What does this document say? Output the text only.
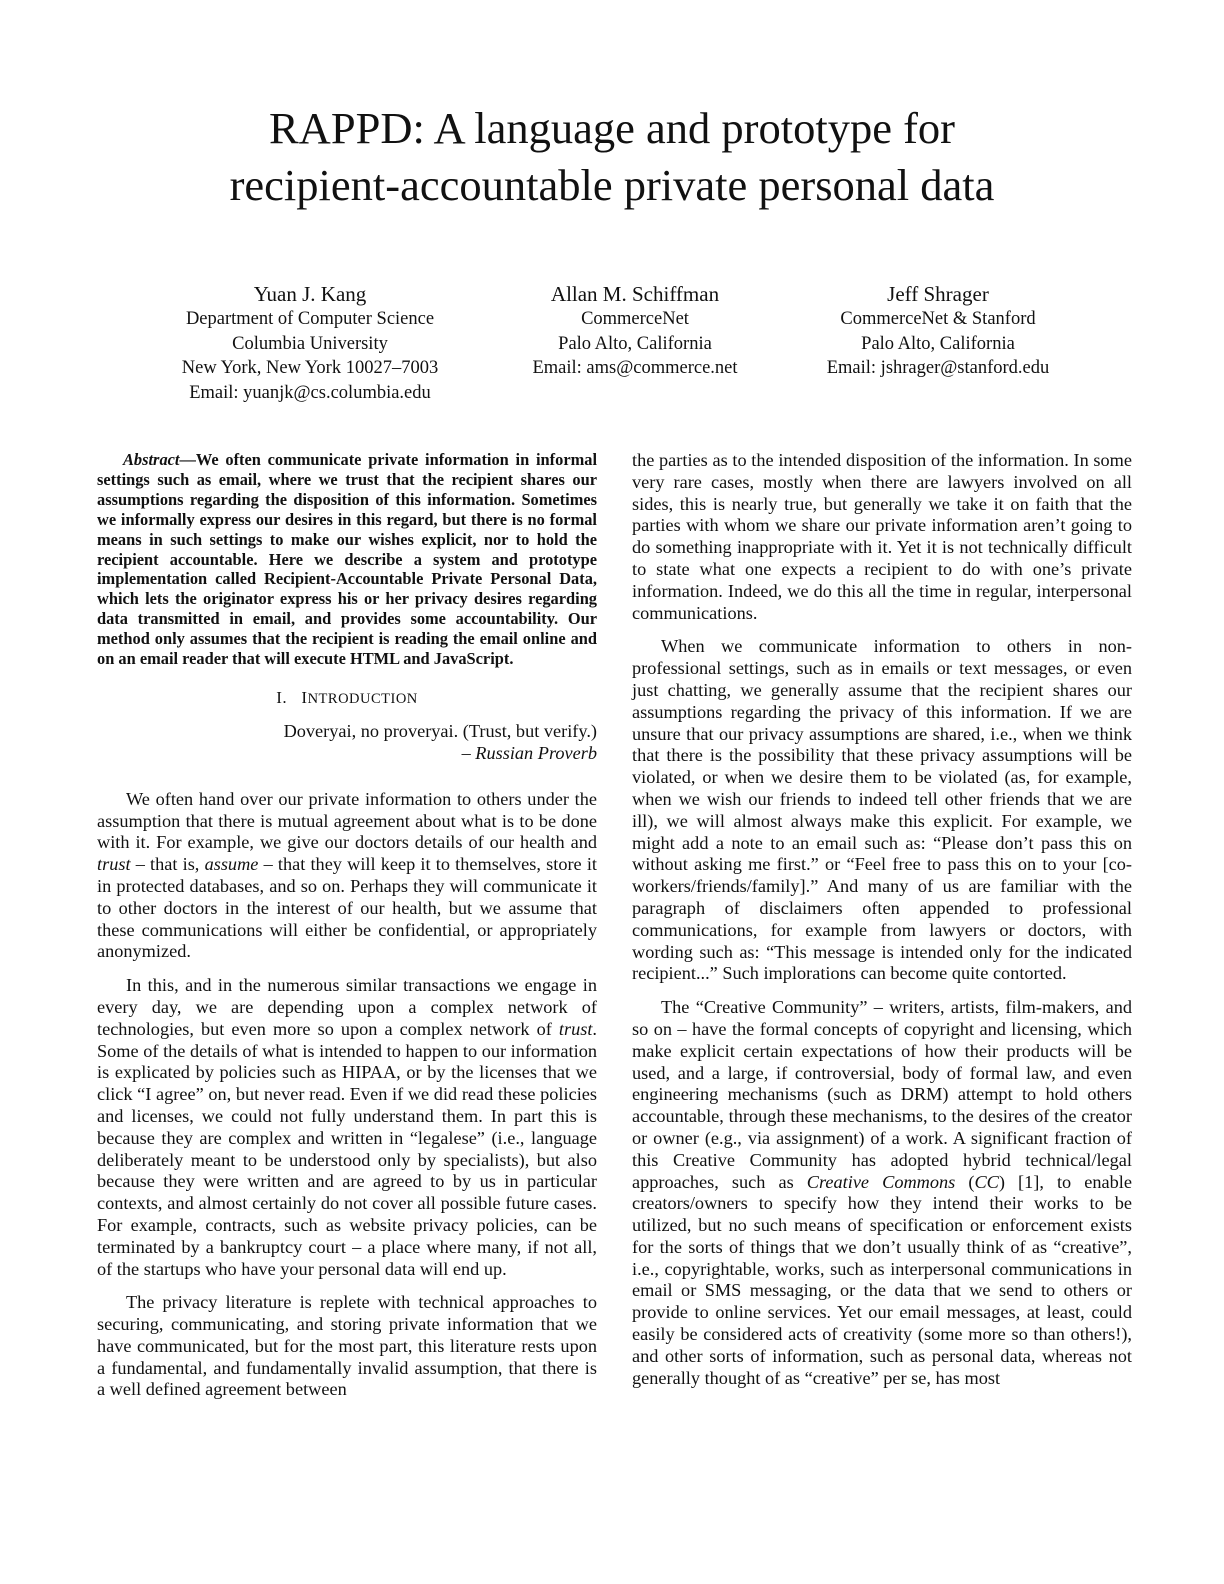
RAPPD: A language and prototype for
recipient-accountable private personal data
Yuan J. Kang
Department of Computer Science
Columbia University
New York, New York 10027–7003
Email: yuanjk@cs.columbia.edu
Allan M. Schiffman
CommerceNet
Palo Alto, California
Email: ams@commerce.net
Jeff Shrager
CommerceNet & Stanford
Palo Alto, California
Email: jshrager@stanford.edu

Abstract—We often communicate private information in informal settings such as email, where we trust that the recipient shares our assumptions regarding the disposition of this information. Sometimes we informally express our desires in this regard, but there is no formal means in such settings to make our wishes explicit, nor to hold the recipient accountable. Here we describe a system and prototype implementation called Recipient-Accountable Private Personal Data, which lets the originator express his or her privacy desires regarding data transmitted in email, and provides some accountability. Our method only assumes that the recipient is reading the email online and on an email reader that will execute HTML and JavaScript.

I. INTRODUCTION
Doveryai, no proveryai. (Trust, but verify.)
– Russian Proverb

We often hand over our private information to others under the assumption that there is mutual agreement about what is to be done with it. For example, we give our doctors details of our health and trust – that is, assume – that they will keep it to themselves, store it in protected databases, and so on. Perhaps they will communicate it to other doctors in the interest of our health, but we assume that these communications will either be confidential, or appropriately anonymized.

In this, and in the numerous similar transactions we engage in every day, we are depending upon a complex network of technologies, but even more so upon a complex network of trust. Some of the details of what is intended to happen to our information is explicated by policies such as HIPAA, or by the licenses that we click “I agree” on, but never read. Even if we did read these policies and licenses, we could not fully understand them. In part this is because they are complex and written in “legalese” (i.e., language deliberately meant to be understood only by specialists), but also because they were written and are agreed to by us in particular contexts, and almost certainly do not cover all possible future cases. For example, contracts, such as website privacy policies, can be terminated by a bankruptcy court – a place where many, if not all, of the startups who have your personal data will end up.

The privacy literature is replete with technical approaches to securing, communicating, and storing private information that we have communicated, but for the most part, this literature rests upon a fundamental, and fundamentally invalid assumption, that there is a well defined agreement between

the parties as to the intended disposition of the information. In some very rare cases, mostly when there are lawyers involved on all sides, this is nearly true, but generally we take it on faith that the parties with whom we share our private information aren’t going to do something inappropriate with it. Yet it is not technically difficult to state what one expects a recipient to do with one’s private information. Indeed, we do this all the time in regular, interpersonal communications.

When we communicate information to others in non-professional settings, such as in emails or text messages, or even just chatting, we generally assume that the recipient shares our assumptions regarding the privacy of this information. If we are unsure that our privacy assumptions are shared, i.e., when we think that there is the possibility that these privacy assumptions will be violated, or when we desire them to be violated (as, for example, when we wish our friends to indeed tell other friends that we are ill), we will almost always make this explicit. For example, we might add a note to an email such as: “Please don’t pass this on without asking me first.” or “Feel free to pass this on to your [co-workers/friends/family].” And many of us are familiar with the paragraph of disclaimers often appended to professional communications, for example from lawyers or doctors, with wording such as: “This message is intended only for the indicated recipient...” Such implorations can become quite contorted.

The “Creative Community” – writers, artists, film-makers, and so on – have the formal concepts of copyright and licensing, which make explicit certain expectations of how their products will be used, and a large, if controversial, body of formal law, and even engineering mechanisms (such as DRM) attempt to hold others accountable, through these mechanisms, to the desires of the creator or owner (e.g., via assignment) of a work. A significant fraction of this Creative Community has adopted hybrid technical/legal approaches, such as Creative Commons (CC) [1], to enable creators/owners to specify how they intend their works to be utilized, but no such means of specification or enforcement exists for the sorts of things that we don’t usually think of as “creative”, i.e., copyrightable, works, such as interpersonal communications in email or SMS messaging, or the data that we send to others or provide to online services. Yet our email messages, at least, could easily be considered acts of creativity (some more so than others!), and other sorts of information, such as personal data, whereas not generally thought of as “creative” per se, has most
